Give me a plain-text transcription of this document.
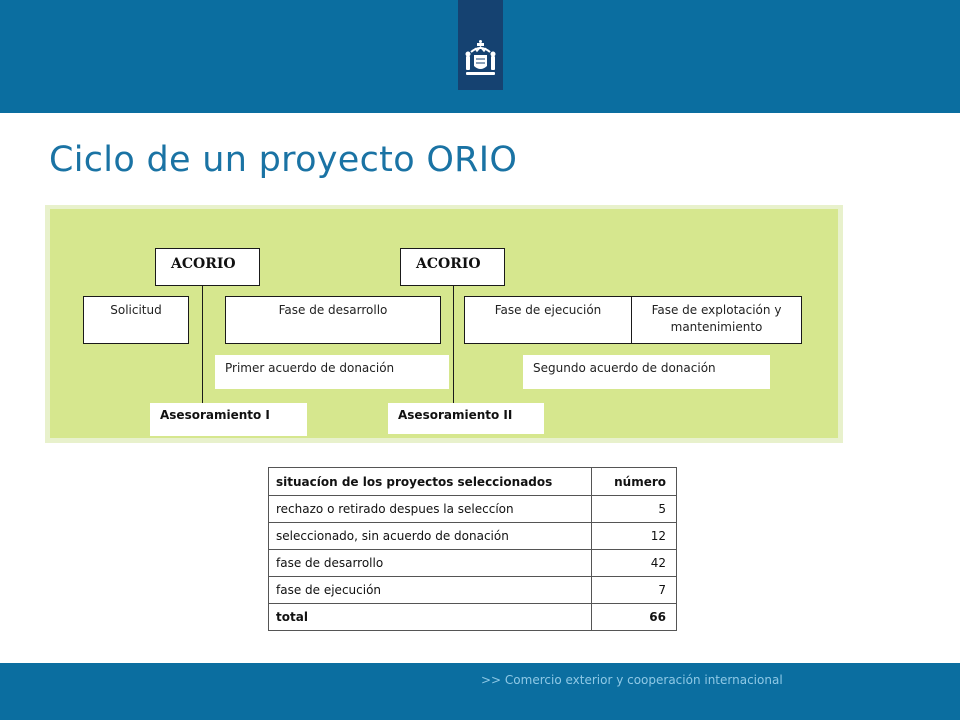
Ciclo de un proyecto ORIO
ACORIO	ACORIO
Solicitud	Fase de desarrollo	Fase de ejecución	Fase de explotación y mantenimiento
Primer acuerdo de donación	Segundo acuerdo de donación
Asesoramiento I	Asesoramiento II
situacíon de los proyectos seleccionados	número
rechazo o retirado despues la seleccíon	5
seleccionado, sin acuerdo de donación	12
fase de desarrollo	42
fase de ejecución	7
total	66
>> Comercio exterior y cooperación internacional
